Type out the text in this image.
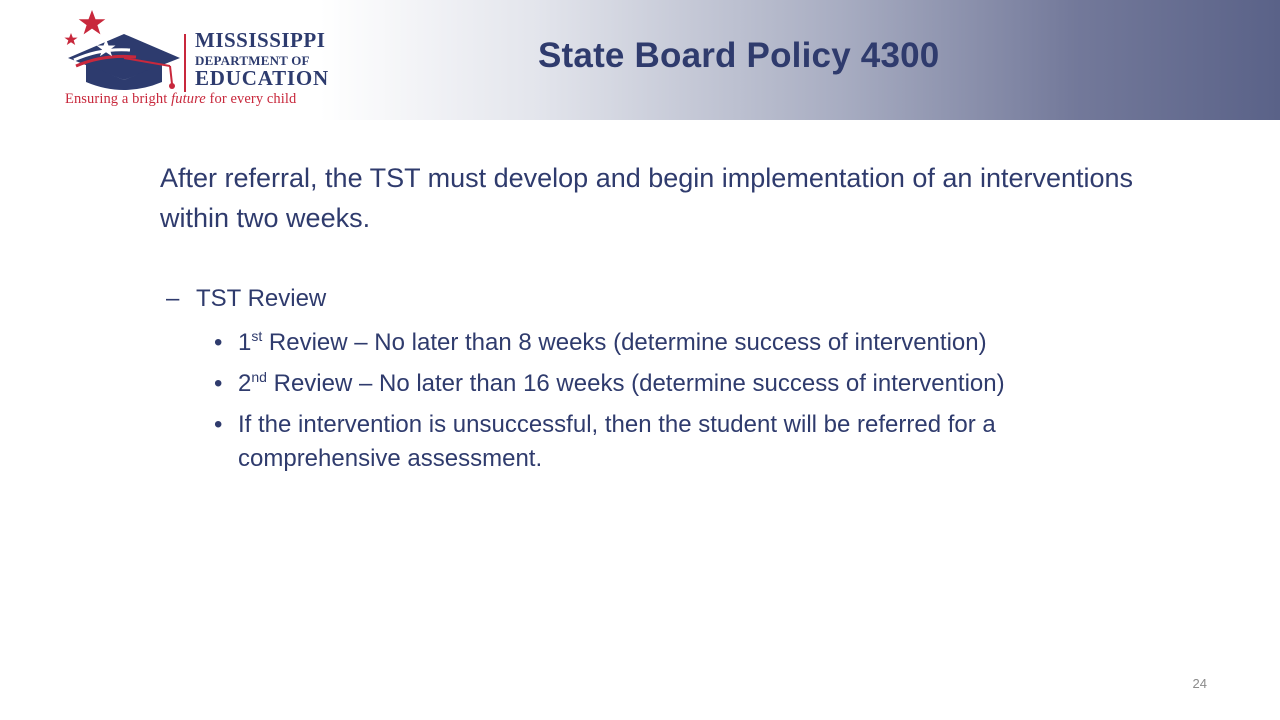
MISSISSIPPI
DEPARTMENT OF
EDUCATION
Ensuring a bright future for every child
State Board Policy 4300

After referral, the TST must develop and begin implementation of an interventions within two weeks.

– TST Review

• 1st Review – No later than 8 weeks (determine success of intervention)
• 2nd Review – No later than 16 weeks (determine success of intervention)
• If the intervention is unsuccessful, then the student will be referred for a comprehensive assessment.
24
